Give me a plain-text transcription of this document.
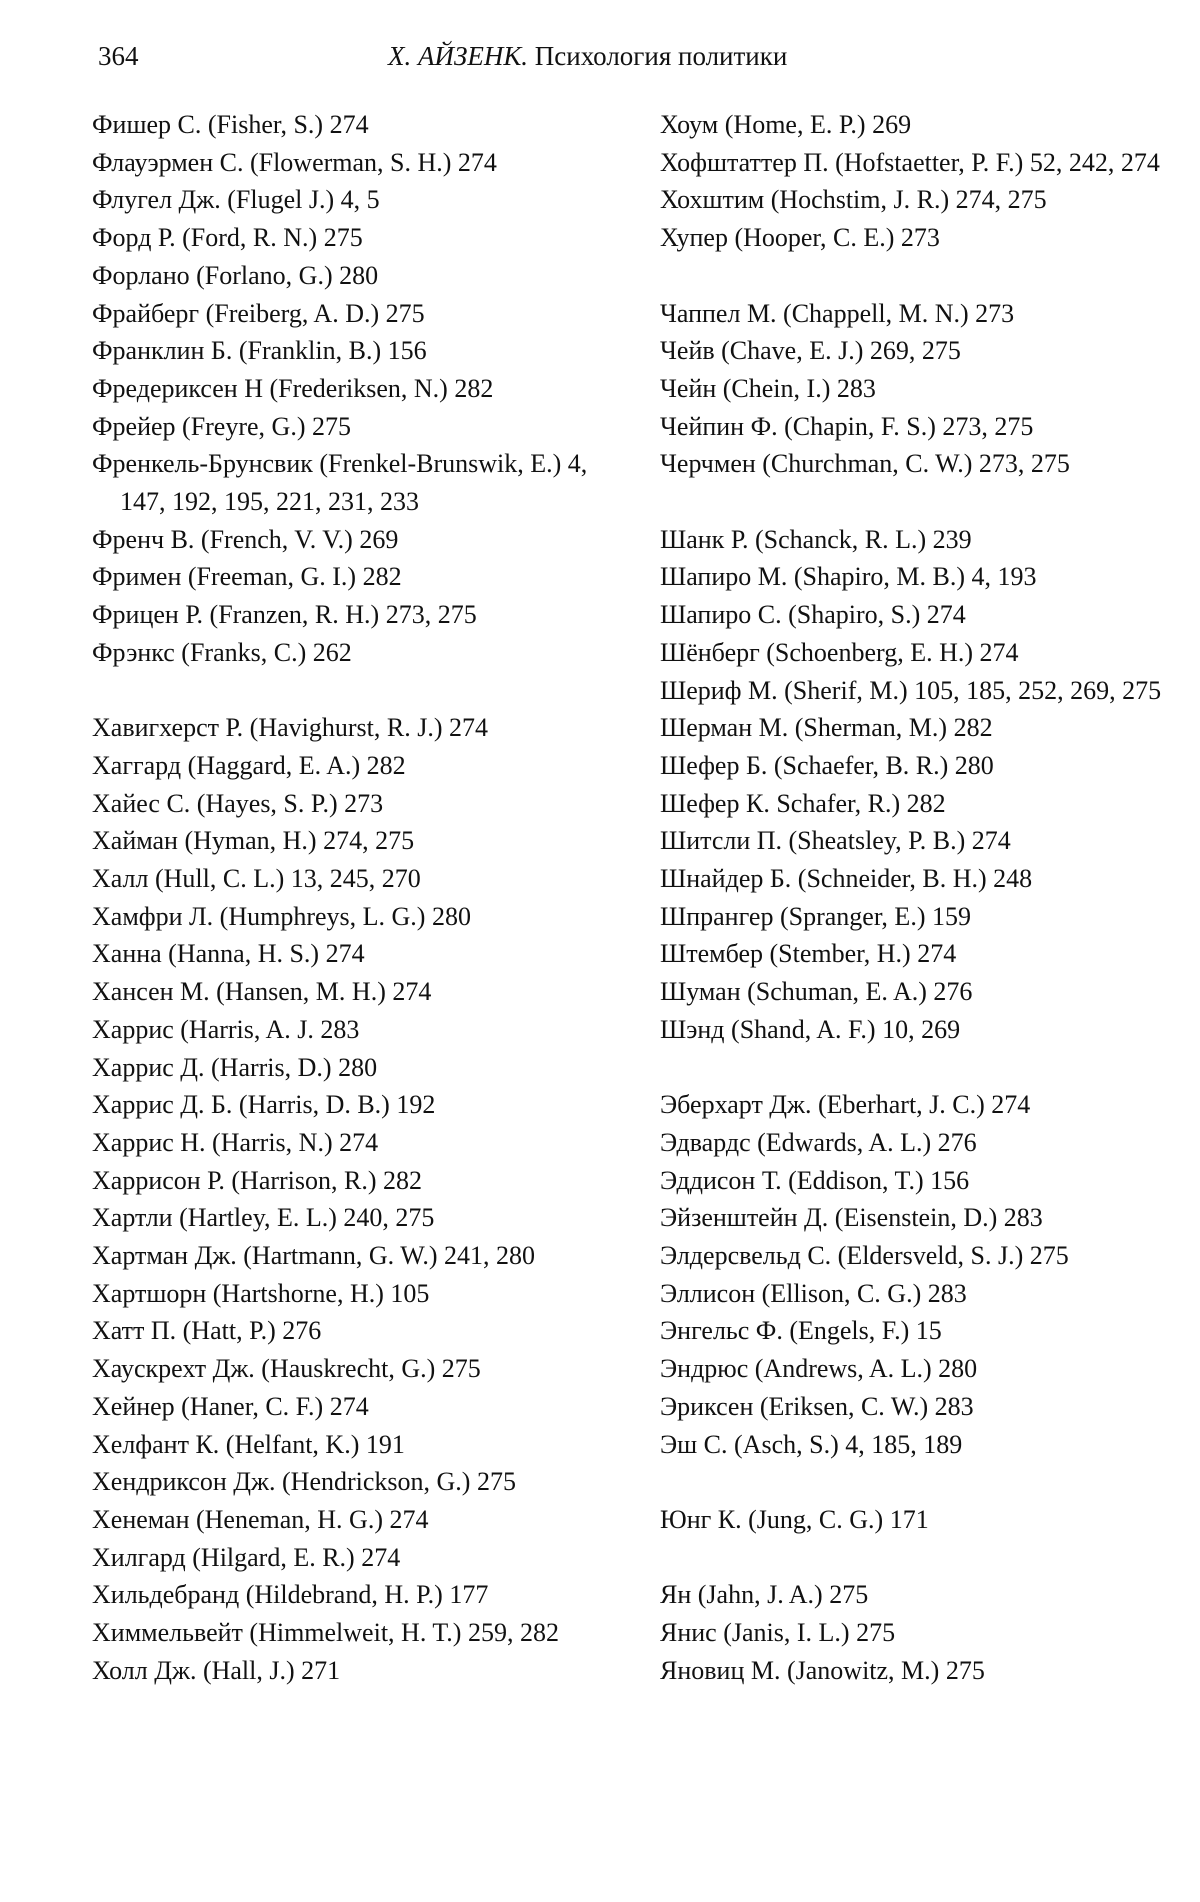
364	Х. АЙЗЕНК. Психология политики
Фишер С. (Fisher, S.) 274
Флауэрмен С. (Flowerman, S. H.) 274
Флугел Дж. (Flugel J.) 4, 5
Форд Р. (Ford, R. N.) 275
Форлано (Forlano, G.) 280
Фрайберг (Freiberg, A. D.) 275
Франклин Б. (Franklin, B.) 156
Фредериксен Н (Frederiksen, N.) 282
Фрейер (Freyre, G.) 275
Френкель-Брунсвик (Frenkel-Brunswik, E.) 4, 147, 192, 195, 221, 231, 233
Френч В. (French, V. V.) 269
Фримен (Freeman, G. I.) 282
Фрицен Р. (Franzen, R. H.) 273, 275
Фрэнкс (Franks, C.) 262
Хавигхерст Р. (Havighurst, R. J.) 274
Хаггард (Haggard, E. A.) 282
Хайес С. (Hayes, S. P.) 273
Хайман (Hyman, H.) 274, 275
Халл (Hull, C. L.) 13, 245, 270
Хамфри Л. (Humphreys, L. G.) 280
Ханна (Hanna, H. S.) 274
Хансен М. (Hansen, M. H.) 274
Харрис (Harris, A. J. 283
Харрис Д. (Harris, D.) 280
Харрис Д. Б. (Harris, D. B.) 192
Харрис Н. (Harris, N.) 274
Харрисон Р. (Harrison, R.) 282
Хартли (Hartley, E. L.) 240, 275
Хартман Дж. (Hartmann, G. W.) 241, 280
Хартшорн (Hartshorne, H.) 105
Хатт П. (Hatt, P.) 276
Хаускрехт Дж. (Hauskrecht, G.) 275
Хейнер (Haner, C. F.) 274
Хелфант К. (Helfant, K.) 191
Хендриксон Дж. (Hendrickson, G.) 275
Хенеман (Heneman, H. G.) 274
Хилгард (Hilgard, E. R.) 274
Хильдебранд (Hildebrand, H. P.) 177
Химмельвейт (Himmelweit, H. T.) 259, 282
Холл Дж. (Hall, J.) 271
Хоум (Home, E. P.) 269
Хофштаттер П. (Hofstaetter, P. F.) 52, 242, 274
Хохштим (Hochstim, J. R.) 274, 275
Хупер (Hooper, C. E.) 273
Чаппел М. (Chappell, M. N.) 273
Чейв (Chave, E. J.) 269, 275
Чейн (Chein, I.) 283
Чейпин Ф. (Chapin, F. S.) 273, 275
Черчмен (Churchman, C. W.) 273, 275
Шанк Р. (Schanck, R. L.) 239
Шапиро М. (Shapiro, M. B.) 4, 193
Шапиро С. (Shapiro, S.) 274
Шёнберг (Schoenberg, E. H.) 274
Шериф М. (Sherif, M.) 105, 185, 252, 269, 275
Шерман М. (Sherman, M.) 282
Шефер Б. (Schaefer, B. R.) 280
Шефер К. Schafer, R.) 282
Шитсли П. (Sheatsley, P. B.) 274
Шнайдер Б. (Schneider, B. H.) 248
Шпрангер (Spranger, E.) 159
Штембер (Stember, H.) 274
Шуман (Schuman, E. A.) 276
Шэнд (Shand, A. F.) 10, 269
Эберхарт Дж. (Eberhart, J. C.) 274
Эдвардс (Edwards, A. L.) 276
Эддисон Т. (Eddison, T.) 156
Эйзенштейн Д. (Eisenstein, D.) 283
Элдерсвельд С. (Eldersveld, S. J.) 275
Эллисон (Ellison, C. G.) 283
Энгельс Ф. (Engels, F.) 15
Эндрюс (Andrews, A. L.) 280
Эриксен (Eriksen, C. W.) 283
Эш С. (Asch, S.) 4, 185, 189
Юнг К. (Jung, C. G.) 171
Ян (Jahn, J. A.) 275
Янис (Janis, I. L.) 275
Яновиц М. (Janowitz, M.) 275
